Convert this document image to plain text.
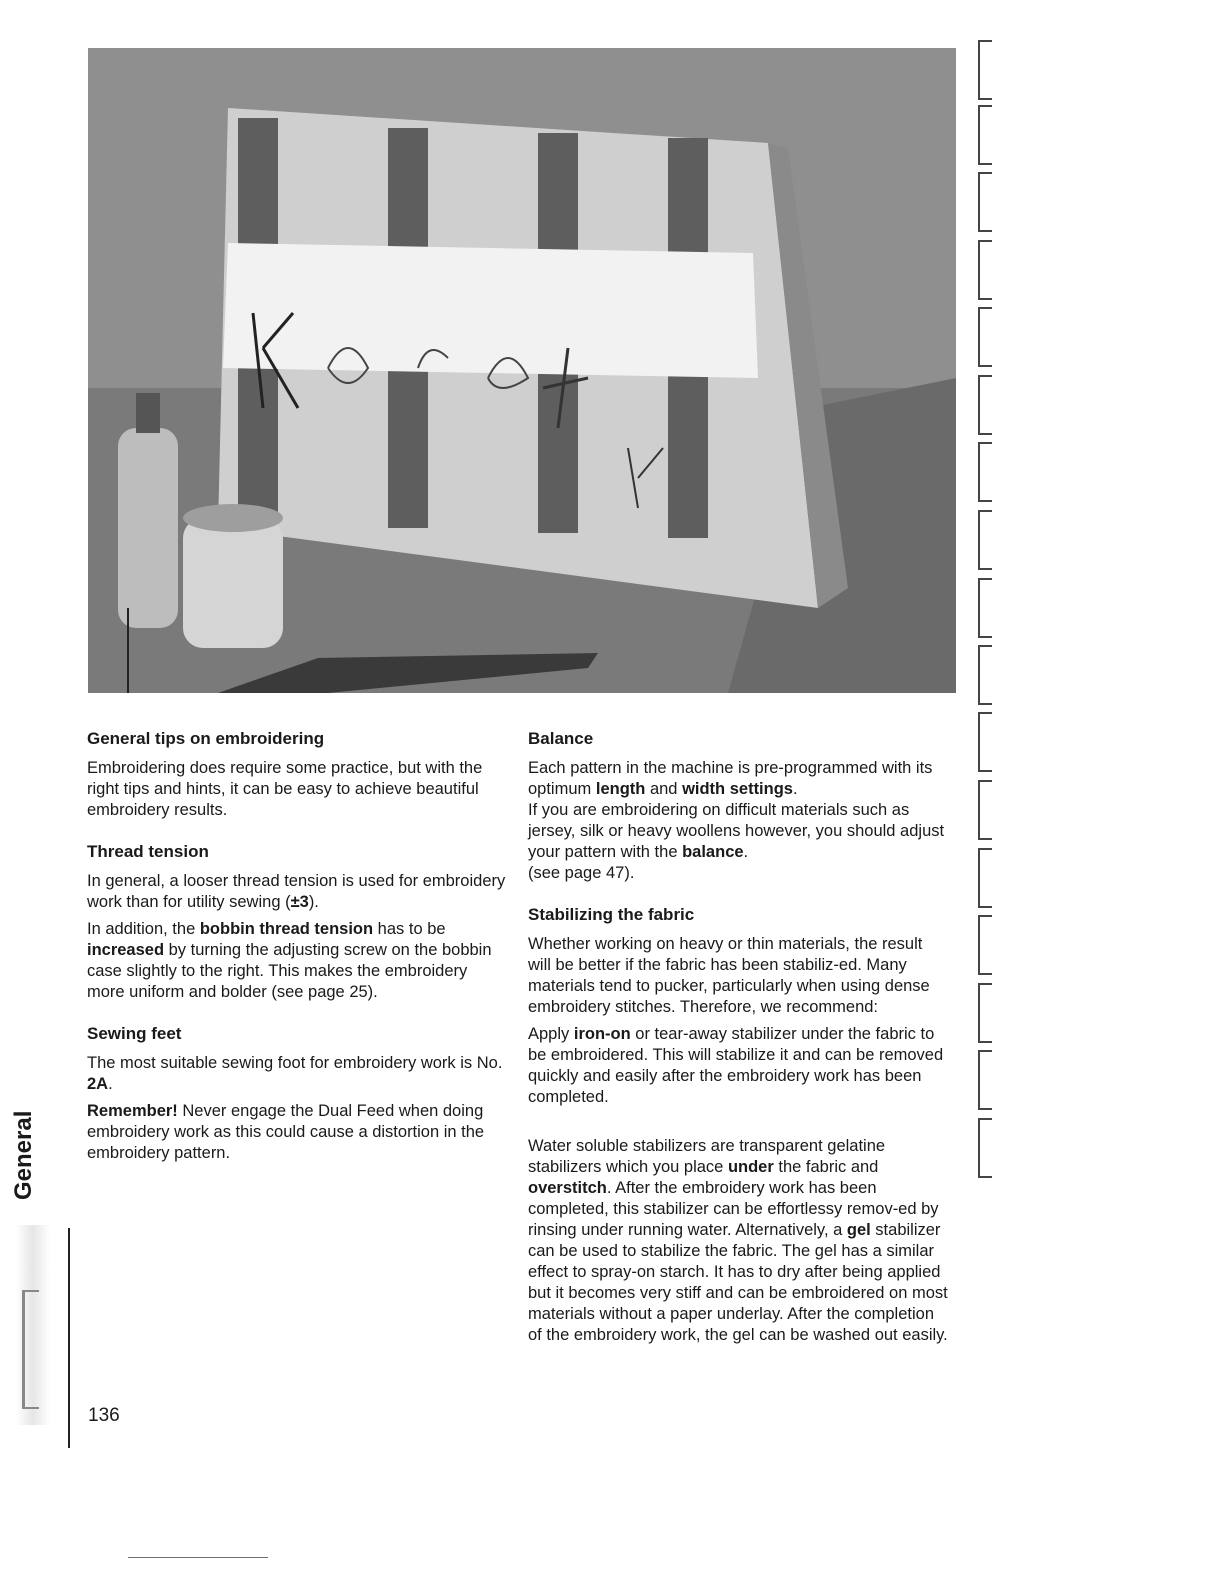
General tips on embroidering

Embroidering does require some practice, but with the right tips and hints, it can be easy to achieve beautiful embroidery results.

Thread tension

In general, a looser thread tension is used for embroidery work than for utility sewing (±3).

In addition, the bobbin thread tension has to be increased by turning the adjusting screw on the bobbin case slightly to the right. This makes the embroidery more uniform and bolder (see page 25).

Sewing feet

The most suitable sewing foot for embroidery work is No. 2A.

Remember! Never engage the Dual Feed when doing embroidery work as this could cause a distortion in the embroidery pattern.

Balance

Each pattern in the machine is pre-programmed with its optimum length and width settings.

If you are embroidering on difficult materials such as jersey, silk or heavy woollens however, you should adjust your pattern with the balance.

(see page 47).

Stabilizing the fabric

Whether working on heavy or thin materials, the result will be better if the fabric has been stabiliz-ed. Many materials tend to pucker, particularly when using dense embroidery stitches. Therefore, we recommend:

Apply iron-on or tear-away stabilizer under the fabric to be embroidered. This will stabilize it and can be removed quickly and easily after the embroidery work has been completed.

Water soluble stabilizers are transparent gelatine stabilizers which you place under the fabric and overstitch. After the embroidery work has been completed, this stabilizer can be effortlessy remov-ed by rinsing under running water. Alternatively, a gel stabilizer can be used to stabilize the fabric. The gel has a similar effect to spray-on starch. It has to dry after being applied but it becomes very stiff and can be embroidered on most materials without a paper underlay. After the completion of the embroidery work, the gel can be washed out easily.

General
136
